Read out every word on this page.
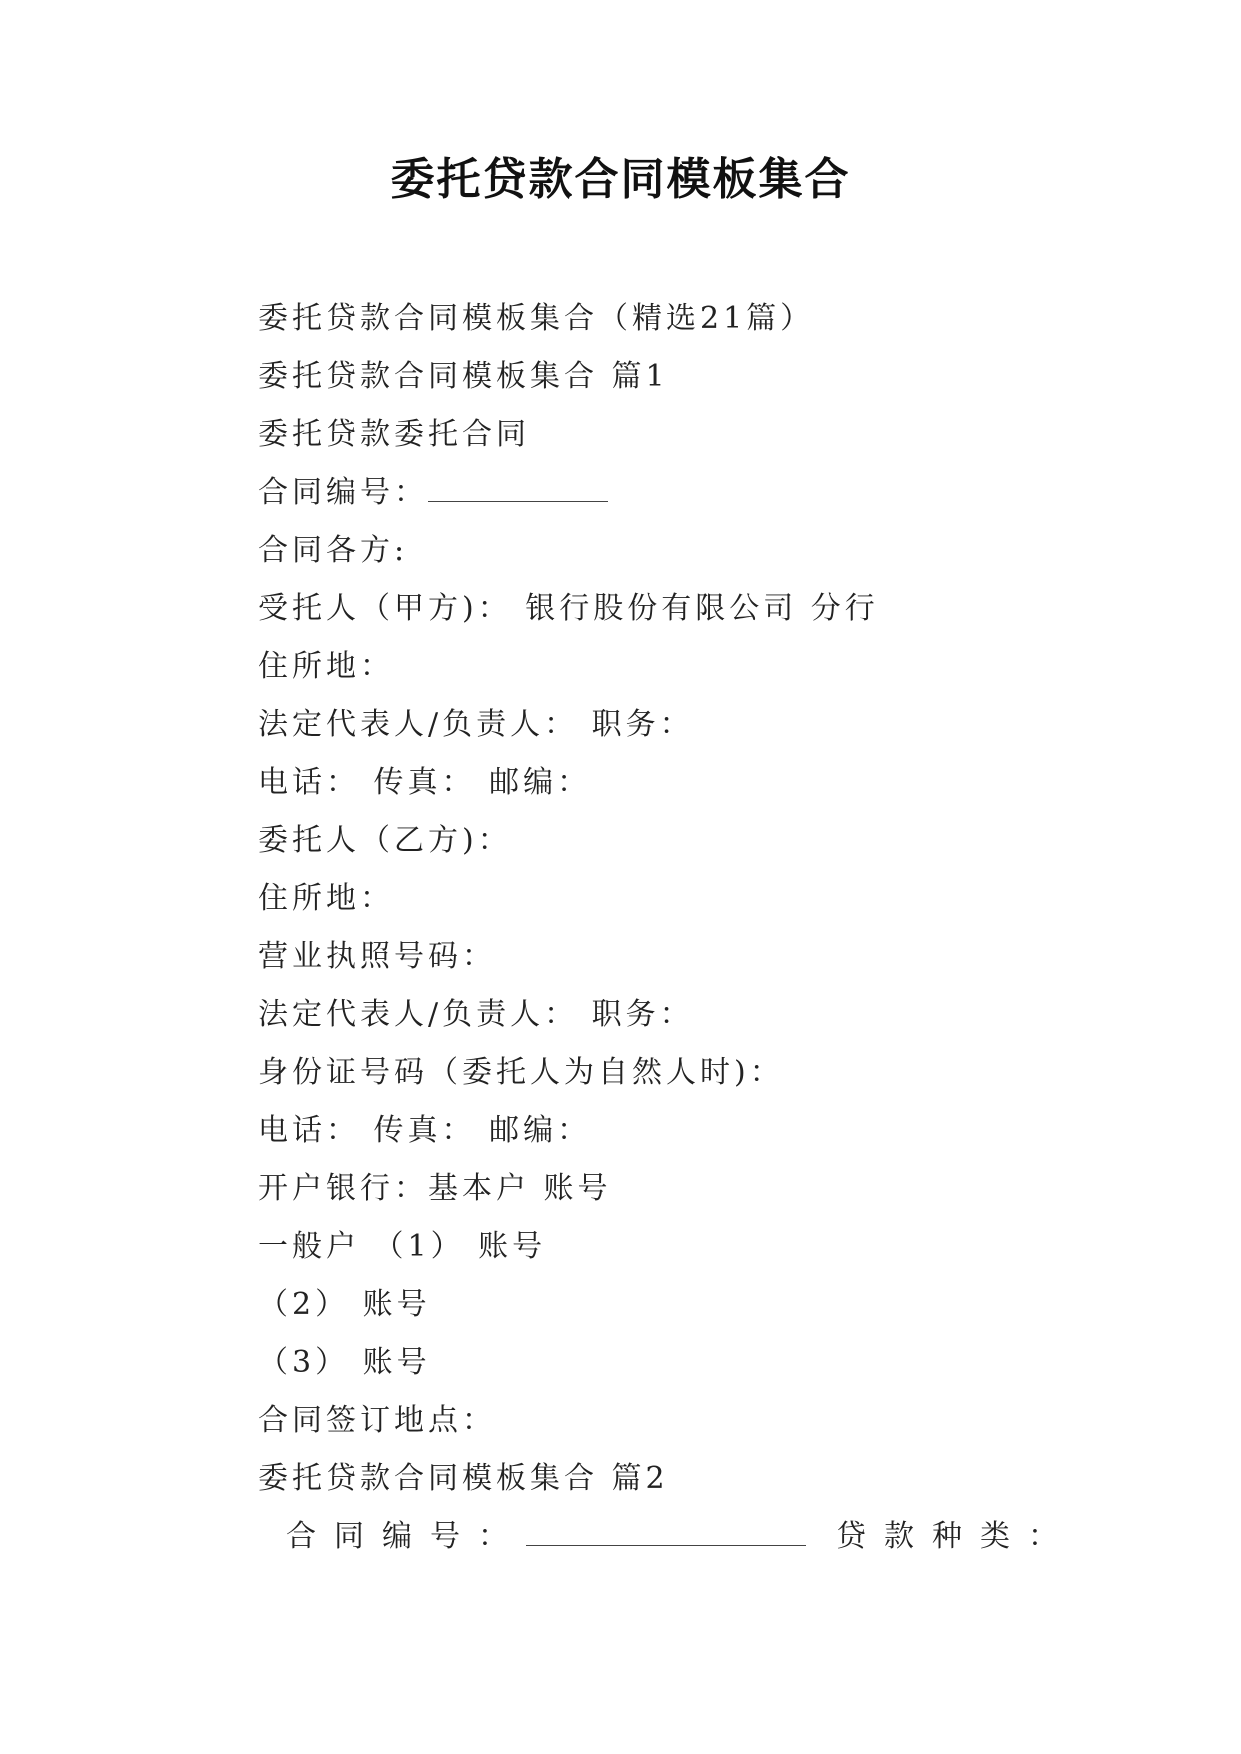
委托贷款合同模板集合
委托贷款合同模板集合（精选21篇）
委托贷款合同模板集合 篇1
委托贷款委托合同
合同编号：
合同各方:
受托人（甲方)： 银行股份有限公司 分行
住所地：
法定代表人/负责人： 职务：
电话： 传真： 邮编：
委托人（乙方)：
住所地：
营业执照号码：
法定代表人/负责人： 职务：
身份证号码（委托人为自然人时)：
电话： 传真： 邮编：
开户银行：基本户 账号
一般户 （1） 账号
（2） 账号
（3） 账号
合同签订地点：
委托贷款合同模板集合 篇2
合同编号：	贷款种类：
